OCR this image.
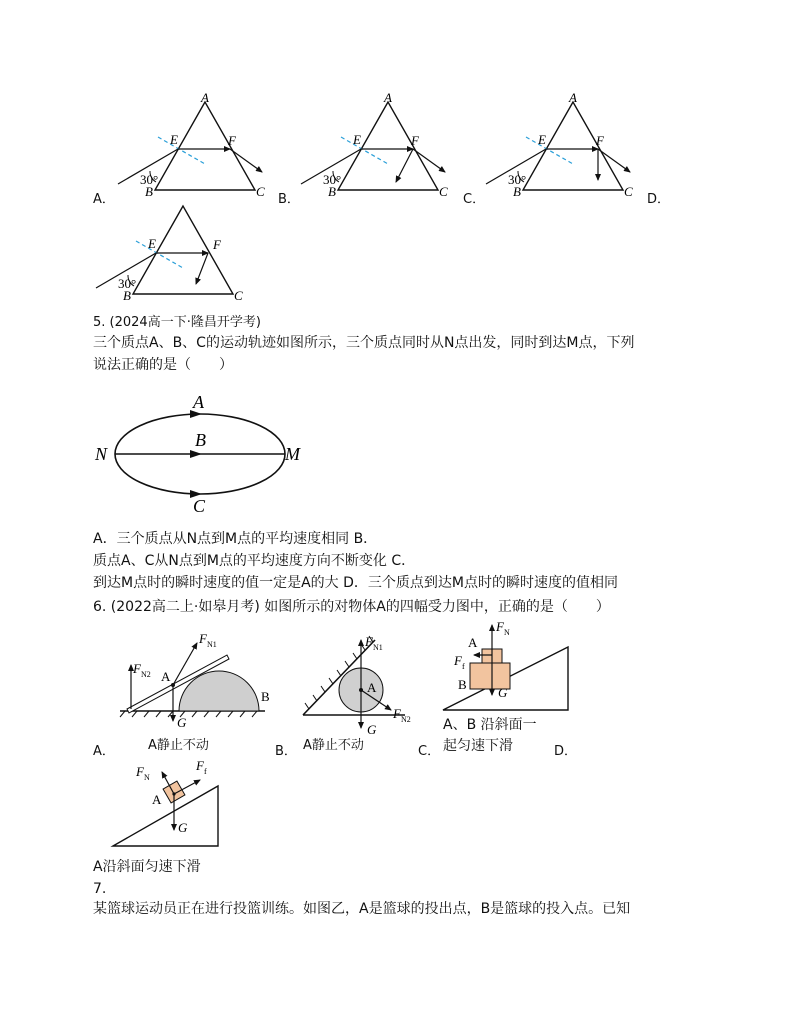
A
E	F
B	C
30°
A
E	F
B	C
30°
A
E	F
B	C
30°
A．	B．	C．	D．
E	F
B	C
30°
5. (2024高一下·隆昌开学考)
三个质点A、B、C的运动轨迹如图所示，三个质点同时从N点出发，同时到达M点，下列
说法正确的是（　　）
A
B
C
N	M
A．三个质点从N点到M点的平均速度相同 B．
质点A、C从N点到M点的平均速度方向不断变化 C．
到达M点时的瞬时速度的值一定是A的大 D．三个质点到达M点时的瞬时速度的值相同
6. (2022高二上·如皋月考) 如图所示的对物体A的四幅受力图中，正确的是（　　）
F N1
F N2 A
B
G
A．	A静止不动
F N1
A
F N2
G
B． A静止不动
F N
A
F f
B
G
A、B 沿斜面一
C． 起匀速下滑	D．
F N
F f
A
G
A沿斜面匀速下滑
7.
某篮球运动员正在进行投篮训练。如图乙，A是篮球的投出点，B是篮球的投入点。已知
